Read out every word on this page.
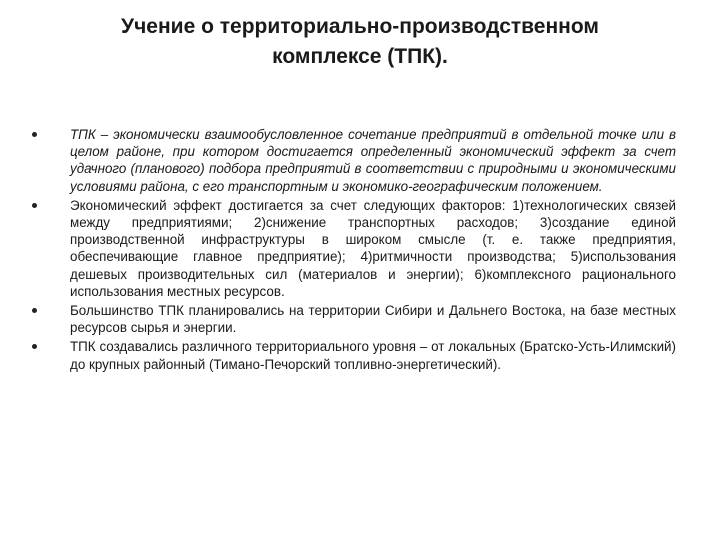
Учение о территориально-производственном
комплексе (ТПК).
ТПК – экономически взаимообусловленное сочетание предприятий в отдельной точке или в целом районе, при котором достигается определенный экономический эффект за счет удачного (планового) подбора предприятий в соответствии с природными и экономическими условиями района, с его транспортным и экономико-географическим положением.
Экономический эффект достигается за счет следующих факторов: 1)технологических связей между предприятиями; 2)снижение транспортных расходов; 3)создание единой производственной инфраструктуры в широком смысле (т. е. также предприятия, обеспечивающие главное предприятие); 4)ритмичности производства; 5)использования дешевых производительных сил (материалов и энергии); 6)комплексного рационального использования местных ресурсов.
Большинство ТПК планировались на территории Сибири и Дальнего Востока, на базе местных ресурсов сырья и энергии.
ТПК создавались различного территориального уровня – от локальных (Братско-Усть-Илимский) до крупных районный (Тимано-Печорский топливно-энергетический).
